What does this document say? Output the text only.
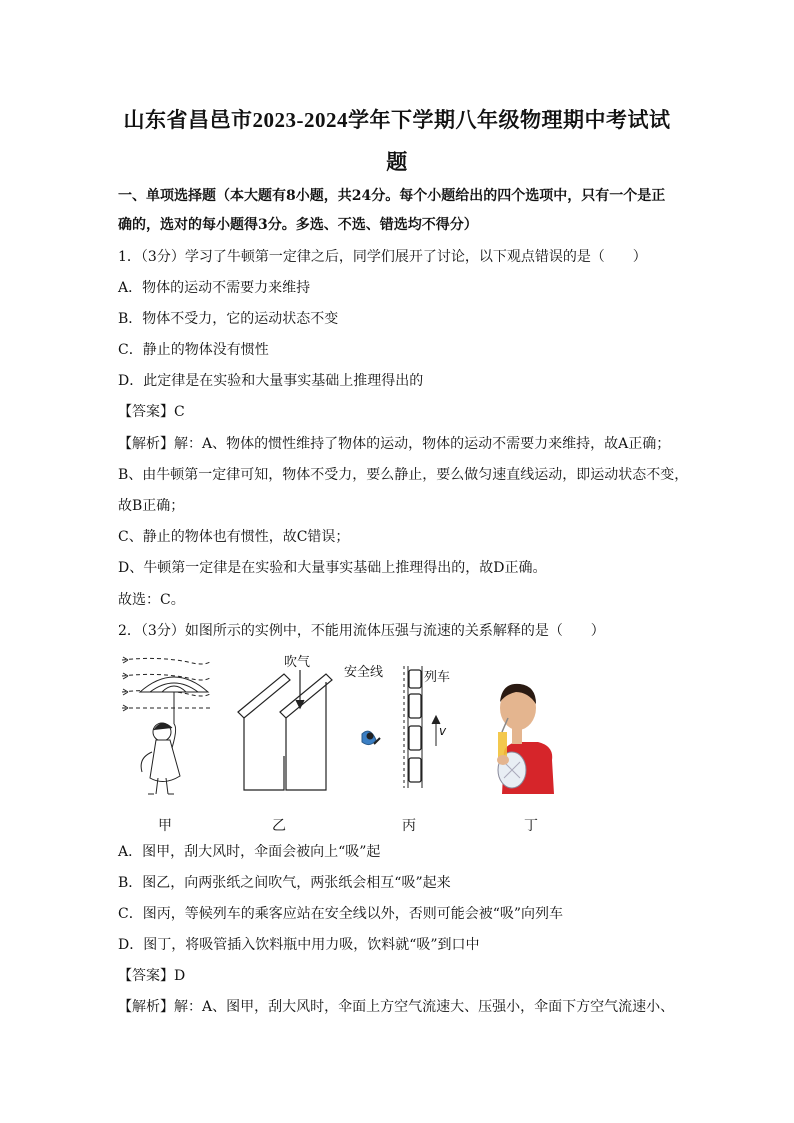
山东省昌邑市2023-2024学年下学期八年级物理期中考试试
题
一、单项选择题（本大题有8小题，共24分。每个小题给出的四个选项中，只有一个是正
确的，选对的每小题得3分。多选、不选、错选均不得分）
1．（3分）学习了牛顿第一定律之后，同学们展开了讨论，以下观点错误的是（　　）
A．物体的运动不需要力来维持
B．物体不受力，它的运动状态不变
C．静止的物体没有惯性
D．此定律是在实验和大量事实基础上推理得出的
【答案】C
【解析】解：A、物体的惯性维持了物体的运动，物体的运动不需要力来维持，故A正确；
B、由牛顿第一定律可知，物体不受力，要么静止，要么做匀速直线运动，即运动状态不变，
故B正确；
C、静止的物体也有惯性，故C错误；
D、牛顿第一定律是在实验和大量事实基础上推理得出的，故D正确。
故选：C。
2．（3分）如图所示的实例中，不能用流体压强与流速的关系解释的是（　　）
吹气
安全线	列车
v
甲	乙	丙	丁
A．图甲，刮大风时，伞面会被向上“吸”起
B．图乙，向两张纸之间吹气，两张纸会相互“吸”起来
C．图丙，等候列车的乘客应站在安全线以外，否则可能会被“吸”向列车
D．图丁，将吸管插入饮料瓶中用力吸，饮料就“吸”到口中
【答案】D
【解析】解：A、图甲，刮大风时，伞面上方空气流速大、压强小，伞面下方空气流速小、
